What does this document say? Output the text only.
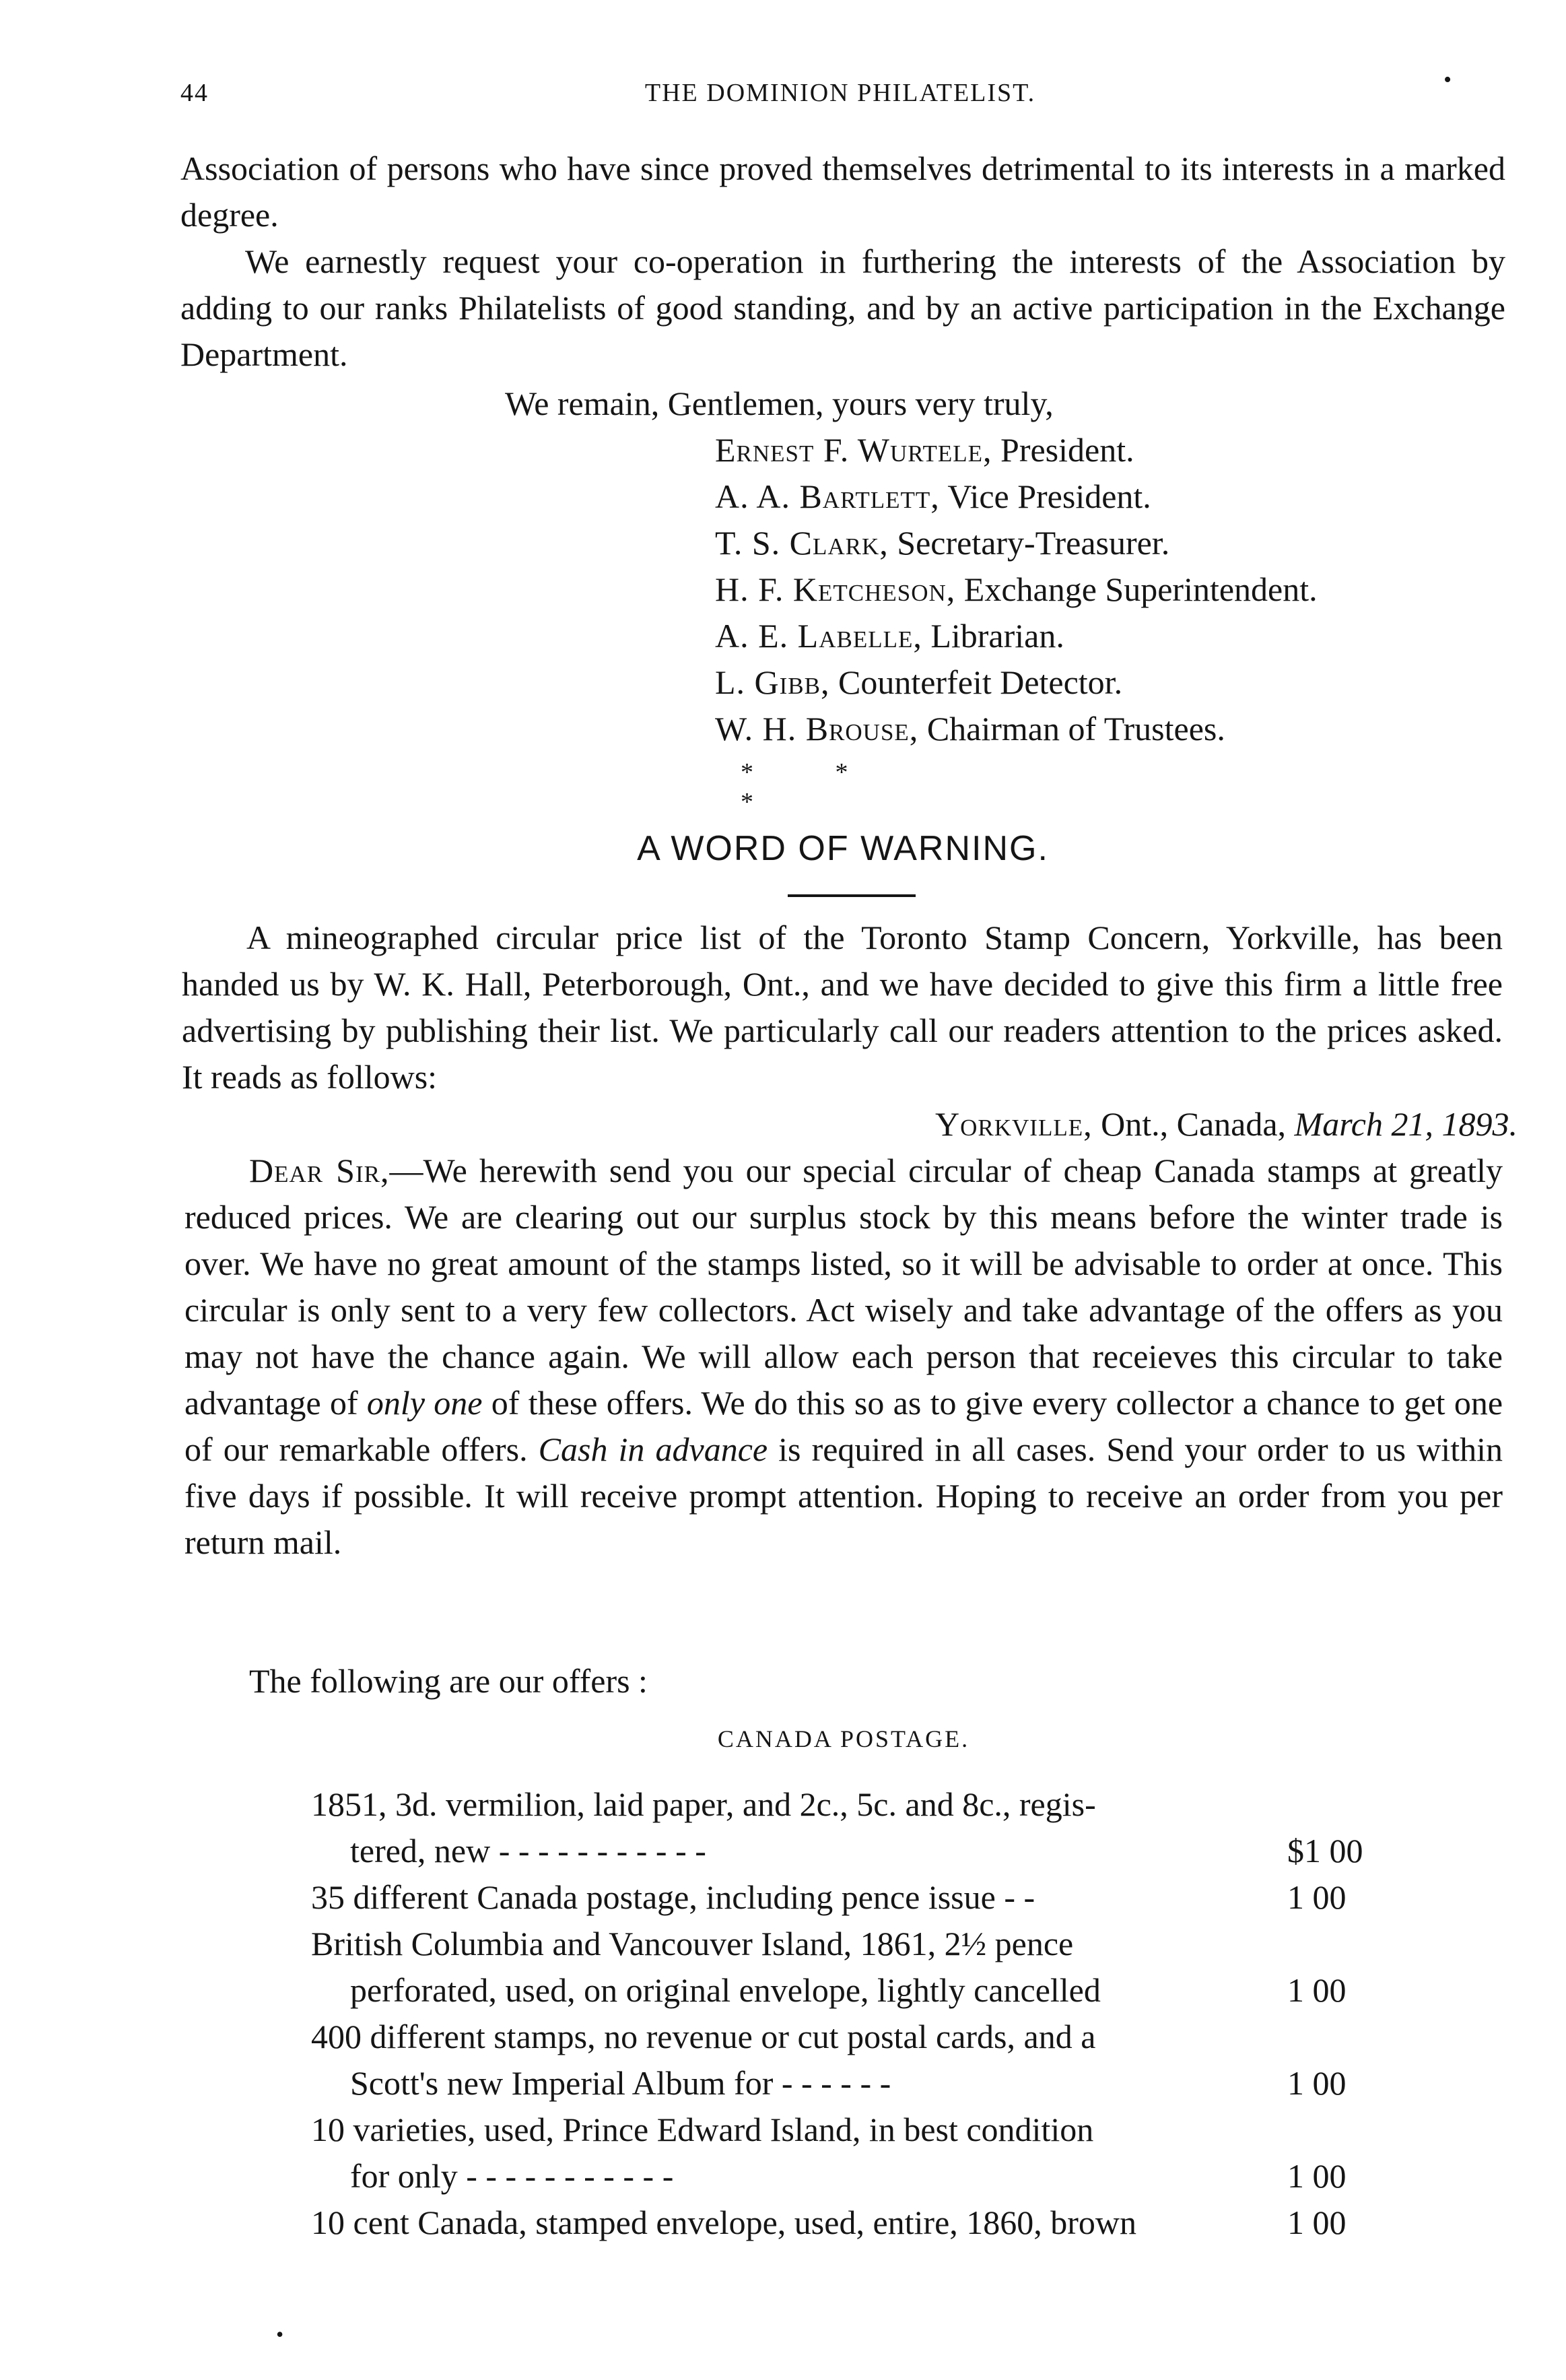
44	THE DOMINION PHILATELIST.	•

Association of persons who have since proved themselves detrimental to its interests in a marked degree.

We earnestly request your co-operation in furthering the interests of the Association by adding to our ranks Philatelists of good standing, and by an active participation in the Exchange Department.

We remain, Gentlemen, yours very truly,
Ernest F. Wurtele, President.
A. A. Bartlett, Vice President.
T. S. Clark, Secretary-Treasurer.
H. F. Ketcheson, Exchange Superintendent.
A. E. Labelle, Librarian.
L. Gibb, Counterfeit Detector.
W. H. Brouse, Chairman of Trustees.
* * *
A WORD OF WARNING.

A mineographed circular price list of the Toronto Stamp Concern, Yorkville, has been handed us by W. K. Hall, Peterborough, Ont., and we have decided to give this firm a little free advertising by publishing their list. We particularly call our readers attention to the prices asked. It reads as follows:

Yorkville, Ont., Canada, March 21, 1893.

Dear Sir,—We herewith send you our special circular of cheap Canada stamps at greatly reduced prices. We are clearing out our surplus stock by this means before the winter trade is over. We have no great amount of the stamps listed, so it will be advisable to order at once. This circular is only sent to a very few collectors. Act wisely and take advantage of the offers as you may not have the chance again. We will allow each person that receieves this circular to take advantage of only one of these offers. We do this so as to give every collector a chance to get one of our remarkable offers. Cash in advance is required in all cases. Send your order to us within five days if possible. It will receive prompt attention. Hoping to receive an order from you per return mail.

The following are our offers :
CANADA POSTAGE.
1851, 3d. vermilion, laid paper, and 2c., 5c. and 8c., regis-
tered, new - - - - - - - - - - -	$1 00
35 different Canada postage, including pence issue - -	1 00
British Columbia and Vancouver Island, 1861, 2½ pence
perforated, used, on original envelope, lightly cancelled	1 00
400 different stamps, no revenue or cut postal cards, and a
Scott's new Imperial Album for - - - - - -	1 00
10 varieties, used, Prince Edward Island, in best condition
for only - - - - - - - - - - -	1 00
10 cent Canada, stamped envelope, used, entire, 1860, brown	1 00
•
